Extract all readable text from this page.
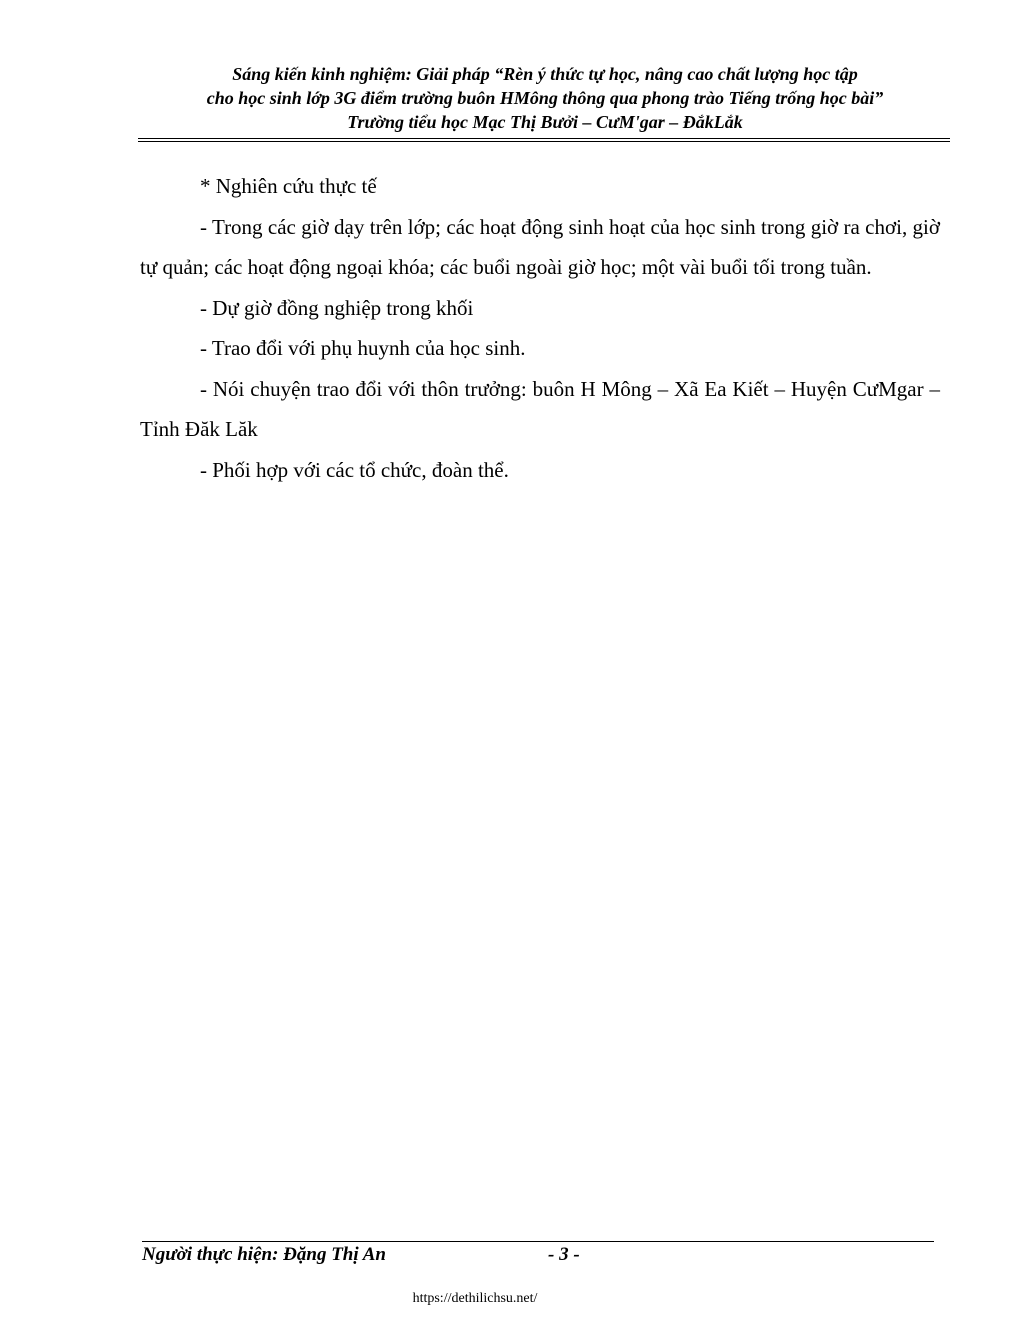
Sáng kiến kinh nghiệm: Giải pháp “Rèn ý thức tự học, nâng cao chất lượng học tập
cho học sinh lớp 3G điểm trường buôn HMông thông qua phong trào Tiếng trống học bài”
Trường tiểu học Mạc Thị Bưởi – CưM'gar – ĐắkLắk

* Nghiên cứu thực tế

- Trong các giờ dạy trên lớp; các hoạt động sinh hoạt của học sinh trong giờ ra chơi, giờ tự quản; các hoạt động ngoại khóa; các buổi ngoài giờ học; một vài buổi tối trong tuần.

- Dự giờ đồng nghiệp trong khối

- Trao đổi với phụ huynh của học sinh.

- Nói chuyện trao đổi với thôn trưởng: buôn H Mông – Xã Ea Kiết – Huyện CưMgar – Tỉnh Đăk Lăk

- Phối hợp với các tổ chức, đoàn thể.

Người thực hiện: Đặng Thị An	- 3 -
https://dethilichsu.net/
